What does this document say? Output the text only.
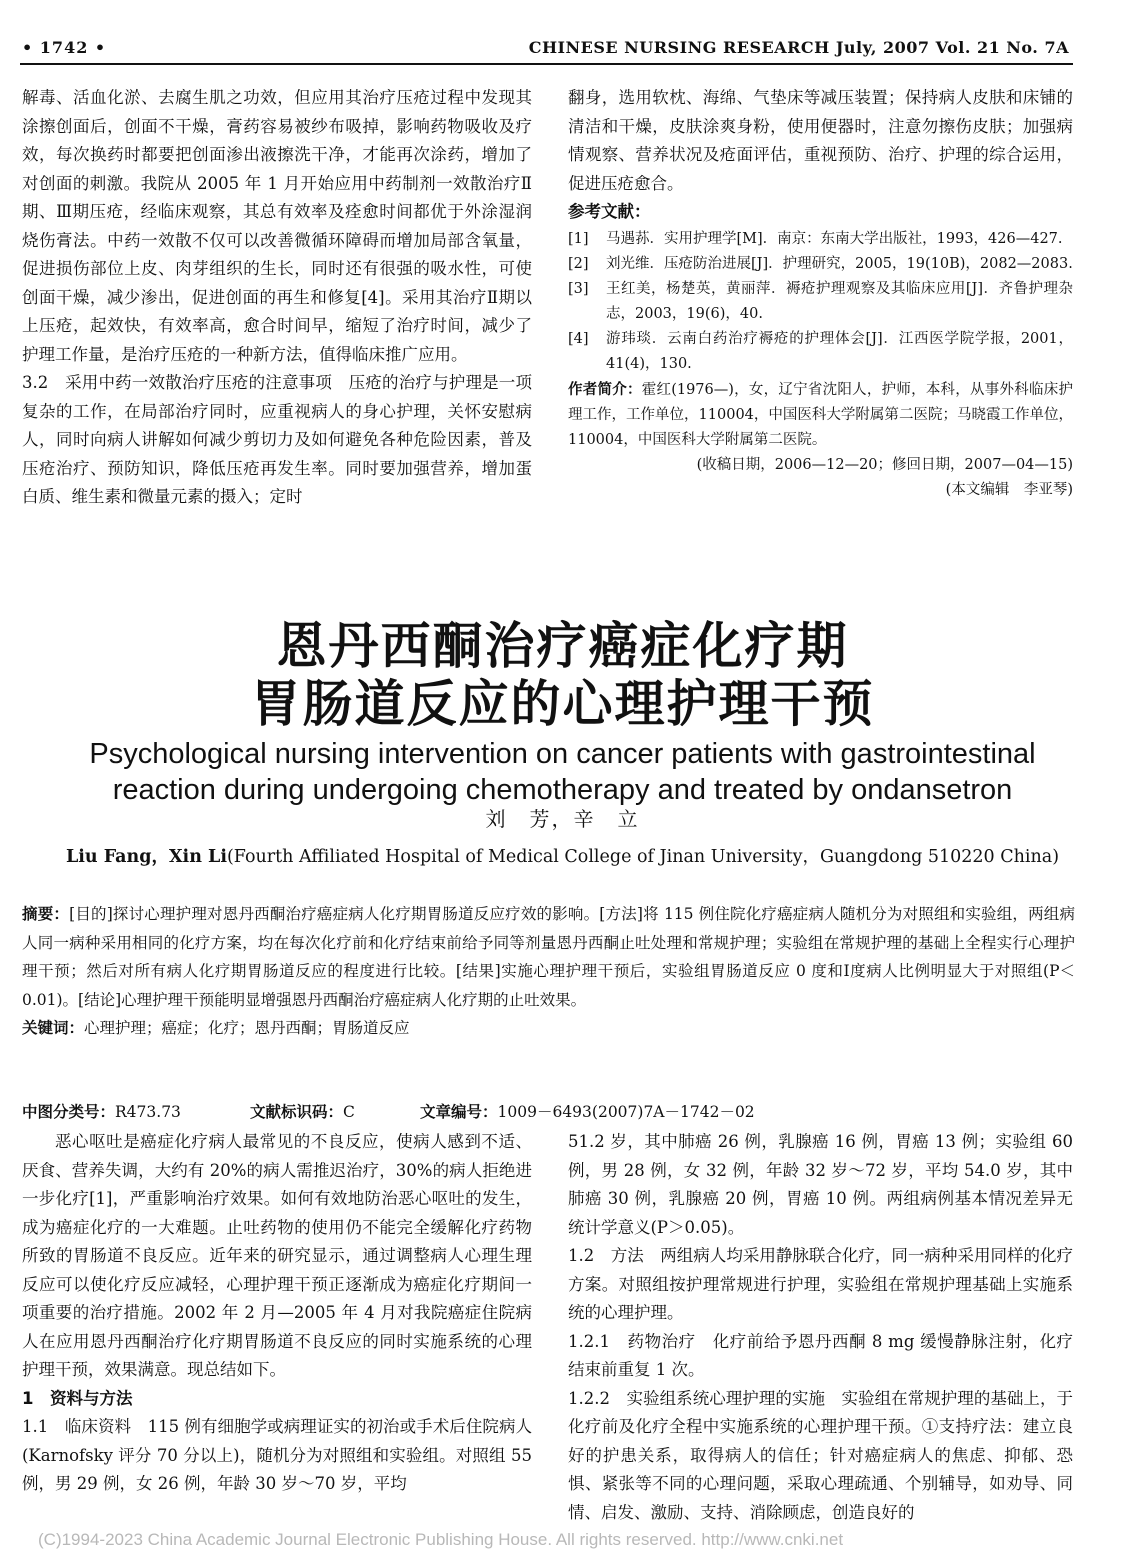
• 1742 •	CHINESE NURSING RESEARCH July, 2007 Vol. 21 No. 7A

解毒、活血化淤、去腐生肌之功效，但应用其治疗压疮过程中发现其涂擦创面后，创面不干燥，膏药容易被纱布吸掉，影响药物吸收及疗效，每次换药时都要把创面渗出液擦洗干净，才能再次涂药，增加了对创面的刺激。我院从 2005 年 1 月开始应用中药制剂一效散治疗Ⅱ期、Ⅲ期压疮，经临床观察，其总有效率及痊愈时间都优于外涂湿润烧伤膏法。中药一效散不仅可以改善微循环障碍而增加局部含氧量，促进损伤部位上皮、肉芽组织的生长，同时还有很强的吸水性，可使创面干燥，减少渗出，促进创面的再生和修复[4]。采用其治疗Ⅱ期以上压疮，起效快，有效率高，愈合时间早，缩短了治疗时间，减少了护理工作量，是治疗压疮的一种新方法，值得临床推广应用。

3.2　采用中药一效散治疗压疮的注意事项　压疮的治疗与护理是一项复杂的工作，在局部治疗同时，应重视病人的身心护理，关怀安慰病人，同时向病人讲解如何减少剪切力及如何避免各种危险因素，普及压疮治疗、预防知识，降低压疮再发生率。同时要加强营养，增加蛋白质、维生素和微量元素的摄入；定时

翻身，选用软枕、海绵、气垫床等减压装置；保持病人皮肤和床铺的清洁和干燥，皮肤涂爽身粉，使用便器时，注意勿擦伤皮肤；加强病情观察、营养状况及疮面评估，重视预防、治疗、护理的综合运用，促进压疮愈合。

参考文献：
[1]	马遇荪．实用护理学[M]．南京：东南大学出版社，1993，426—427.
[2]	刘光维．压疮防治进展[J]．护理研究，2005，19(10B)，2082—2083.
[3]	王红美，杨楚英，黄丽萍．褥疮护理观察及其临床应用[J]．齐鲁护理杂志，2003，19(6)，40.
[4]	游玮琰．云南白药治疗褥疮的护理体会[J]．江西医学院学报，2001，41(4)，130.
作者简介：霍红(1976—)，女，辽宁省沈阳人，护师，本科，从事外科临床护理工作，工作单位，110004，中国医科大学附属第二医院；马晓霞工作单位，110004，中国医科大学附属第二医院。
(收稿日期，2006—12—20；修回日期，2007—04—15)
(本文编辑　李亚琴)
恩丹西酮治疗癌症化疗期
胃肠道反应的心理护理干预
Psychological nursing intervention on cancer patients with gastrointestinal
reaction during undergoing chemotherapy and treated by ondansetron
刘　芳，辛　立
Liu Fang，Xin Li(Fourth Affiliated Hospital of Medical College of Jinan University，Guangdong 510220 China)

摘要：[目的]探讨心理护理对恩丹西酮治疗癌症病人化疗期胃肠道反应疗效的影响。[方法]将 115 例住院化疗癌症病人随机分为对照组和实验组，两组病人同一病种采用相同的化疗方案，均在每次化疗前和化疗结束前给予同等剂量恩丹西酮止吐处理和常规护理；实验组在常规护理的基础上全程实行心理护理干预；然后对所有病人化疗期胃肠道反应的程度进行比较。[结果]实施心理护理干预后，实验组胃肠道反应 0 度和Ⅰ度病人比例明显大于对照组(P＜0.01)。[结论]心理护理干预能明显增强恩丹西酮治疗癌症病人化疗期的止吐效果。

关键词：心理护理；癌症；化疗；恩丹西酮；胃肠道反应

中图分类号：R473.73	文献标识码：C	文章编号：1009－6493(2007)7A－1742－02

恶心呕吐是癌症化疗病人最常见的不良反应，使病人感到不适、厌食、营养失调，大约有 20%的病人需推迟治疗，30%的病人拒绝进一步化疗[1]，严重影响治疗效果。如何有效地防治恶心呕吐的发生，成为癌症化疗的一大难题。止吐药物的使用仍不能完全缓解化疗药物所致的胃肠道不良反应。近年来的研究显示，通过调整病人心理生理反应可以使化疗反应减轻，心理护理干预正逐渐成为癌症化疗期间一项重要的治疗措施。2002 年 2 月—2005 年 4 月对我院癌症住院病人在应用恩丹西酮治疗化疗期胃肠道不良反应的同时实施系统的心理护理干预，效果满意。现总结如下。

1　资料与方法

1.1　临床资料　115 例有细胞学或病理证实的初治或手术后住院病人(Karnofsky 评分 70 分以上)，随机分为对照组和实验组。对照组 55 例，男 29 例，女 26 例，年龄 30 岁～70 岁，平均

51.2 岁，其中肺癌 26 例，乳腺癌 16 例，胃癌 13 例；实验组 60 例，男 28 例，女 32 例，年龄 32 岁～72 岁，平均 54.0 岁，其中肺癌 30 例，乳腺癌 20 例，胃癌 10 例。两组病例基本情况差异无统计学意义(P＞0.05)。

1.2　方法　两组病人均采用静脉联合化疗，同一病种采用同样的化疗方案。对照组按护理常规进行护理，实验组在常规护理基础上实施系统的心理护理。

1.2.1　药物治疗　化疗前给予恩丹西酮 8 mg 缓慢静脉注射，化疗结束前重复 1 次。

1.2.2　实验组系统心理护理的实施　实验组在常规护理的基础上，于化疗前及化疗全程中实施系统的心理护理干预。①支持疗法：建立良好的护患关系，取得病人的信任；针对癌症病人的焦虑、抑郁、恐惧、紧张等不同的心理问题，采取心理疏通、个别辅导，如劝导、同情、启发、激励、支持、消除顾虑，创造良好的

(C)1994-2023 China Academic Journal Electronic Publishing House. All rights reserved. http://www.cnki.net
